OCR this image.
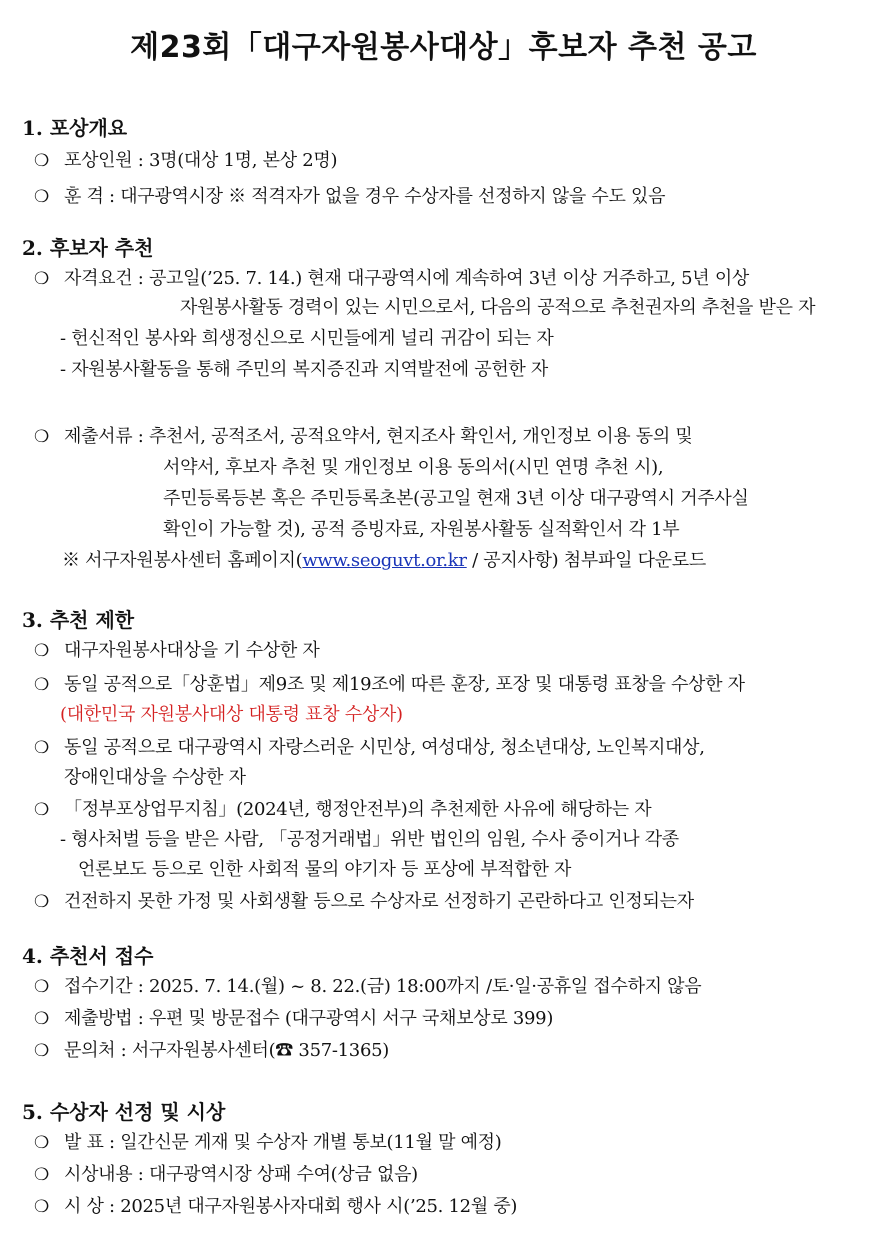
제23회「대구자원봉사대상」후보자 추천 공고
1. 포상개요
❍ 포상인원 : 3명(대상 1명, 본상 2명)
❍ 훈 격 : 대구광역시장 ※ 적격자가 없을 경우 수상자를 선정하지 않을 수도 있음
2. 후보자 추천
❍ 자격요건 : 공고일(’25. 7. 14.) 현재 대구광역시에 계속하여 3년 이상 거주하고, 5년 이상
자원봉사활동 경력이 있는 시민으로서, 다음의 공적으로 추천권자의 추천을 받은 자
- 헌신적인 봉사와 희생정신으로 시민들에게 널리 귀감이 되는 자
- 자원봉사활동을 통해 주민의 복지증진과 지역발전에 공헌한 자
❍ 제출서류 : 추천서, 공적조서, 공적요약서, 현지조사 확인서, 개인정보 이용 동의 및
서약서, 후보자 추천 및 개인정보 이용 동의서(시민 연명 추천 시),
주민등록등본 혹은 주민등록초본(공고일 현재 3년 이상 대구광역시 거주사실
확인이 가능할 것), 공적 증빙자료, 자원봉사활동 실적확인서 각 1부
※ 서구자원봉사센터 홈페이지(www.seoguvt.or.kr / 공지사항) 첨부파일 다운로드
3. 추천 제한
❍ 대구자원봉사대상을 기 수상한 자
❍ 동일 공적으로「상훈법」제9조 및 제19조에 따른 훈장, 포장 및 대통령 표창을 수상한 자
(대한민국 자원봉사대상 대통령 표창 수상자)
❍ 동일 공적으로 대구광역시 자랑스러운 시민상, 여성대상, 청소년대상, 노인복지대상,
장애인대상을 수상한 자
❍ 「정부포상업무지침」(2024년, 행정안전부)의 추천제한 사유에 해당하는 자
- 형사처벌 등을 받은 사람, 「공정거래법」위반 법인의 임원, 수사 중이거나 각종
언론보도 등으로 인한 사회적 물의 야기자 등 포상에 부적합한 자
❍ 건전하지 못한 가정 및 사회생활 등으로 수상자로 선정하기 곤란하다고 인정되는자
4. 추천서 접수
❍ 접수기간 : 2025. 7. 14.(월) ~ 8. 22.(금) 18:00까지 /토·일·공휴일 접수하지 않음
❍ 제출방법 : 우편 및 방문접수 (대구광역시 서구 국채보상로 399)
❍ 문의처 : 서구자원봉사센터(☎ 357-1365)
5. 수상자 선정 및 시상
❍ 발 표 : 일간신문 게재 및 수상자 개별 통보(11월 말 예정)
❍ 시상내용 : 대구광역시장 상패 수여(상금 없음)
❍ 시 상 : 2025년 대구자원봉사자대회 행사 시(’25. 12월 중)
